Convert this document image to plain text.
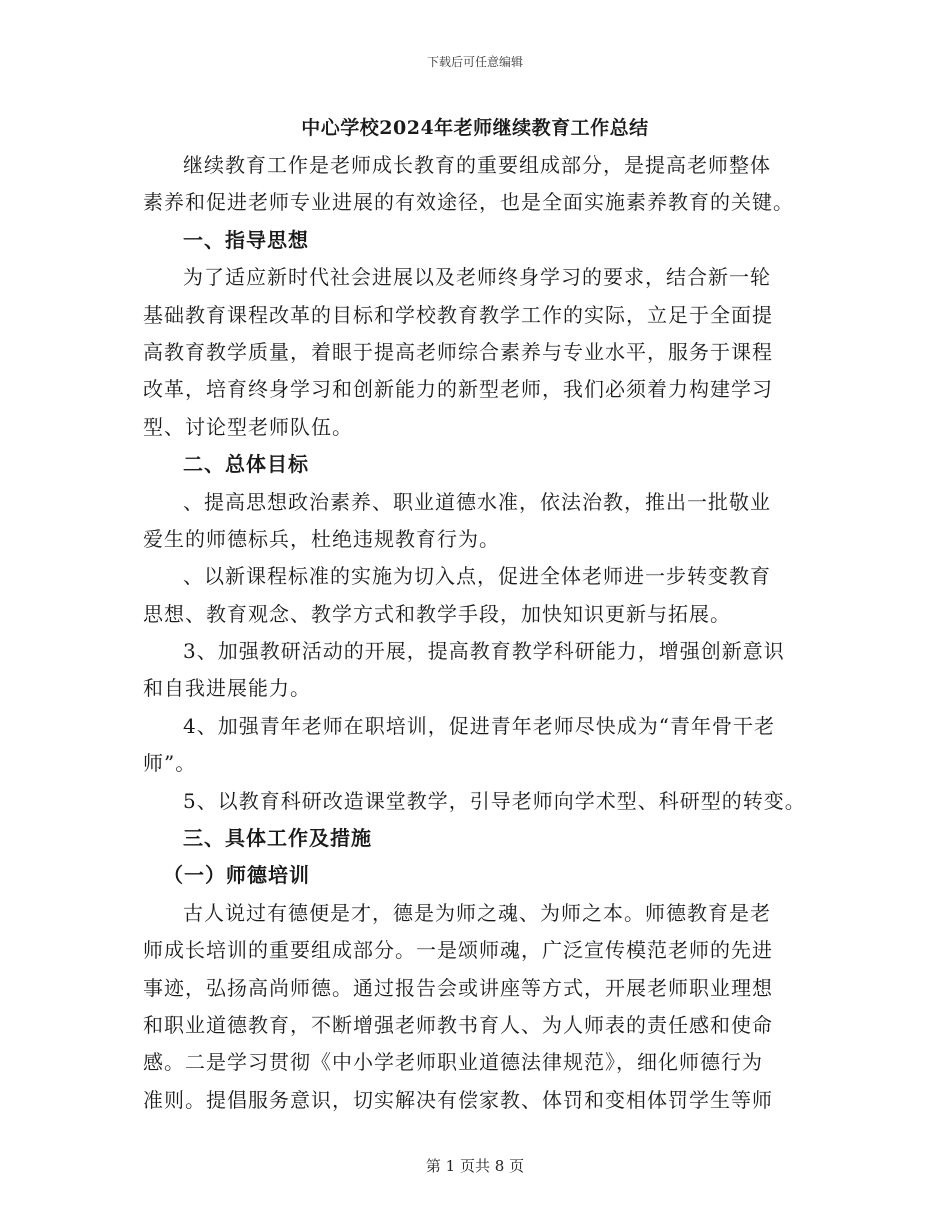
下载后可任意编辑
中心学校2024年老师继续教育工作总结
继续教育工作是老师成长教育的重要组成部分，是提高老师整体
素养和促进老师专业进展的有效途径，也是全面实施素养教育的关键。
一、指导思想
为了适应新时代社会进展以及老师终身学习的要求，结合新一轮
基础教育课程改革的目标和学校教育教学工作的实际，立足于全面提
高教育教学质量，着眼于提高老师综合素养与专业水平，服务于课程
改革，培育终身学习和创新能力的新型老师，我们必须着力构建学习
型、讨论型老师队伍。
二、总体目标
、提高思想政治素养、职业道德水准，依法治教，推出一批敬业
爱生的师德标兵，杜绝违规教育行为。
、以新课程标准的实施为切入点，促进全体老师进一步转变教育
思想、教育观念、教学方式和教学手段，加快知识更新与拓展。
3、加强教研活动的开展，提高教育教学科研能力，增强创新意识
和自我进展能力。
4、加强青年老师在职培训，促进青年老师尽快成为“青年骨干老
师”。
5、以教育科研改造课堂教学，引导老师向学术型、科研型的转变。
三、具体工作及措施
（一）师德培训
古人说过有德便是才，德是为师之魂、为师之本。师德教育是老
师成长培训的重要组成部分。一是颂师魂，广泛宣传模范老师的先进
事迹，弘扬高尚师德。通过报告会或讲座等方式，开展老师职业理想
和职业道德教育，不断增强老师教书育人、为人师表的责任感和使命
感。二是学习贯彻《中小学老师职业道德法律规范》，细化师德行为
准则。提倡服务意识，切实解决有偿家教、体罚和变相体罚学生等师
第 1 页共 8 页
